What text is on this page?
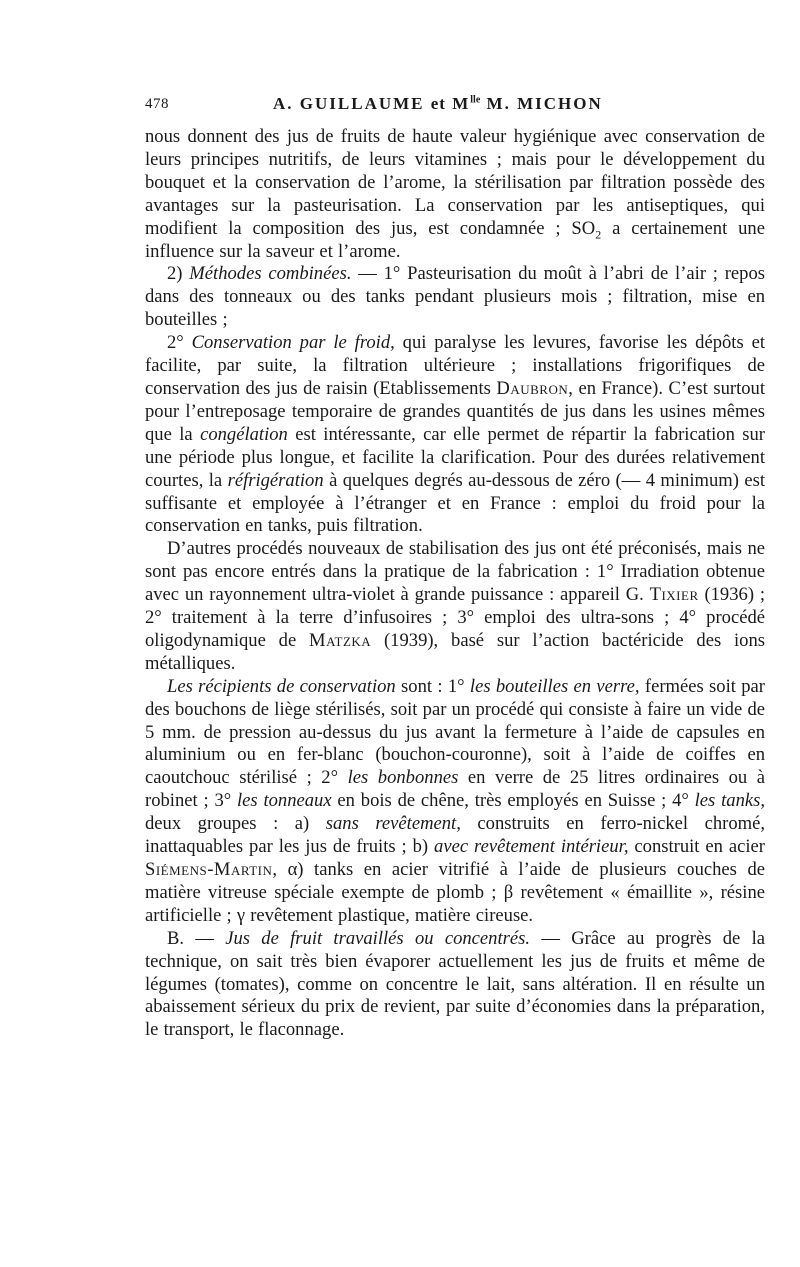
478	A. GUILLAUME et $M^{lle}$ M. MICHON

nous donnent des jus de fruits de haute valeur hygiénique avec conservation de leurs principes nutritifs, de leurs vitamines ; mais pour le développement du bouquet et la conservation de l’arome, la stérilisation par filtration possède des avantages sur la pasteurisation. La conservation par les antiseptiques, qui modifient la composition des jus, est condamnée ; $SO_2$ a certainement une influence sur la saveur et l’arome.

2) Méthodes combinées. — 1° Pasteurisation du moût à l’abri de l’air ; repos dans des tonneaux ou des tanks pendant plusieurs mois ; filtration, mise en bouteilles ;

2° Conservation par le froid, qui paralyse les levures, favorise les dépôts et facilite, par suite, la filtration ultérieure ; installations frigorifiques de conservation des jus de raisin (Etablissements Daubron, en France). C’est surtout pour l’entreposage temporaire de grandes quantités de jus dans les usines mêmes que la congélation est intéressante, car elle permet de répartir la fabrication sur une période plus longue, et facilite la clarification. Pour des durées relativement courtes, la réfrigération à quelques degrés au-dessous de zéro (— 4 minimum) est suffisante et employée à l’étranger et en France : emploi du froid pour la conservation en tanks, puis filtration.

D’autres procédés nouveaux de stabilisation des jus ont été préconisés, mais ne sont pas encore entrés dans la pratique de la fabrication : 1° Irradiation obtenue avec un rayonnement ultra-violet à grande puissance : appareil G. Tixier (1936) ; 2° traitement à la terre d’infusoires ; 3° emploi des ultra-sons ; 4° procédé oligodynamique de Matzka (1939), basé sur l’action bactéricide des ions métalliques.

Les récipients de conservation sont : 1° les bouteilles en verre, fermées soit par des bouchons de liège stérilisés, soit par un procédé qui consiste à faire un vide de 5 mm. de pression au-dessus du jus avant la fermeture à l’aide de capsules en aluminium ou en fer-blanc (bouchon-couronne), soit à l’aide de coiffes en caoutchouc stérilisé ; 2° les bonbonnes en verre de 25 litres ordinaires ou à robinet ; 3° les tonneaux en bois de chêne, très employés en Suisse ; 4° les tanks, deux groupes : a) sans revêtement, construits en ferro-nickel chromé, inattaquables par les jus de fruits ; b) avec revêtement intérieur, construit en acier Siémens-Martin, α) tanks en acier vitrifié à l’aide de plusieurs couches de matière vitreuse spéciale exempte de plomb ; β revêtement « émaillite », résine artificielle ; γ revêtement plastique, matière cireuse.

B. — Jus de fruit travaillés ou concentrés. — Grâce au progrès de la technique, on sait très bien évaporer actuellement les jus de fruits et même de légumes (tomates), comme on concentre le lait, sans altération. Il en résulte un abaissement sérieux du prix de revient, par suite d’économies dans la préparation, le transport, le flaconnage.
